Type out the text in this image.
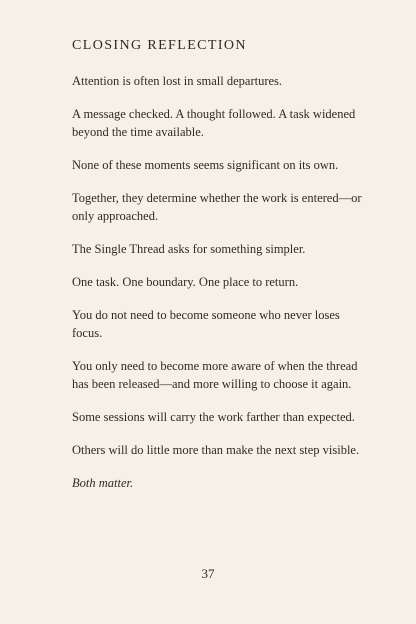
CLOSING REFLECTION

Attention is often lost in small departures.

A message checked. A thought followed. A task widened beyond the time available.

None of these moments seems significant on its own.

Together, they determine whether the work is entered—or only approached.

The Single Thread asks for something simpler.

One task. One boundary. One place to return.

You do not need to become someone who never loses focus.

You only need to become more aware of when the thread has been released—and more willing to choose it again.

Some sessions will carry the work farther than expected.

Others will do little more than make the next step visible.

Both matter.

37
